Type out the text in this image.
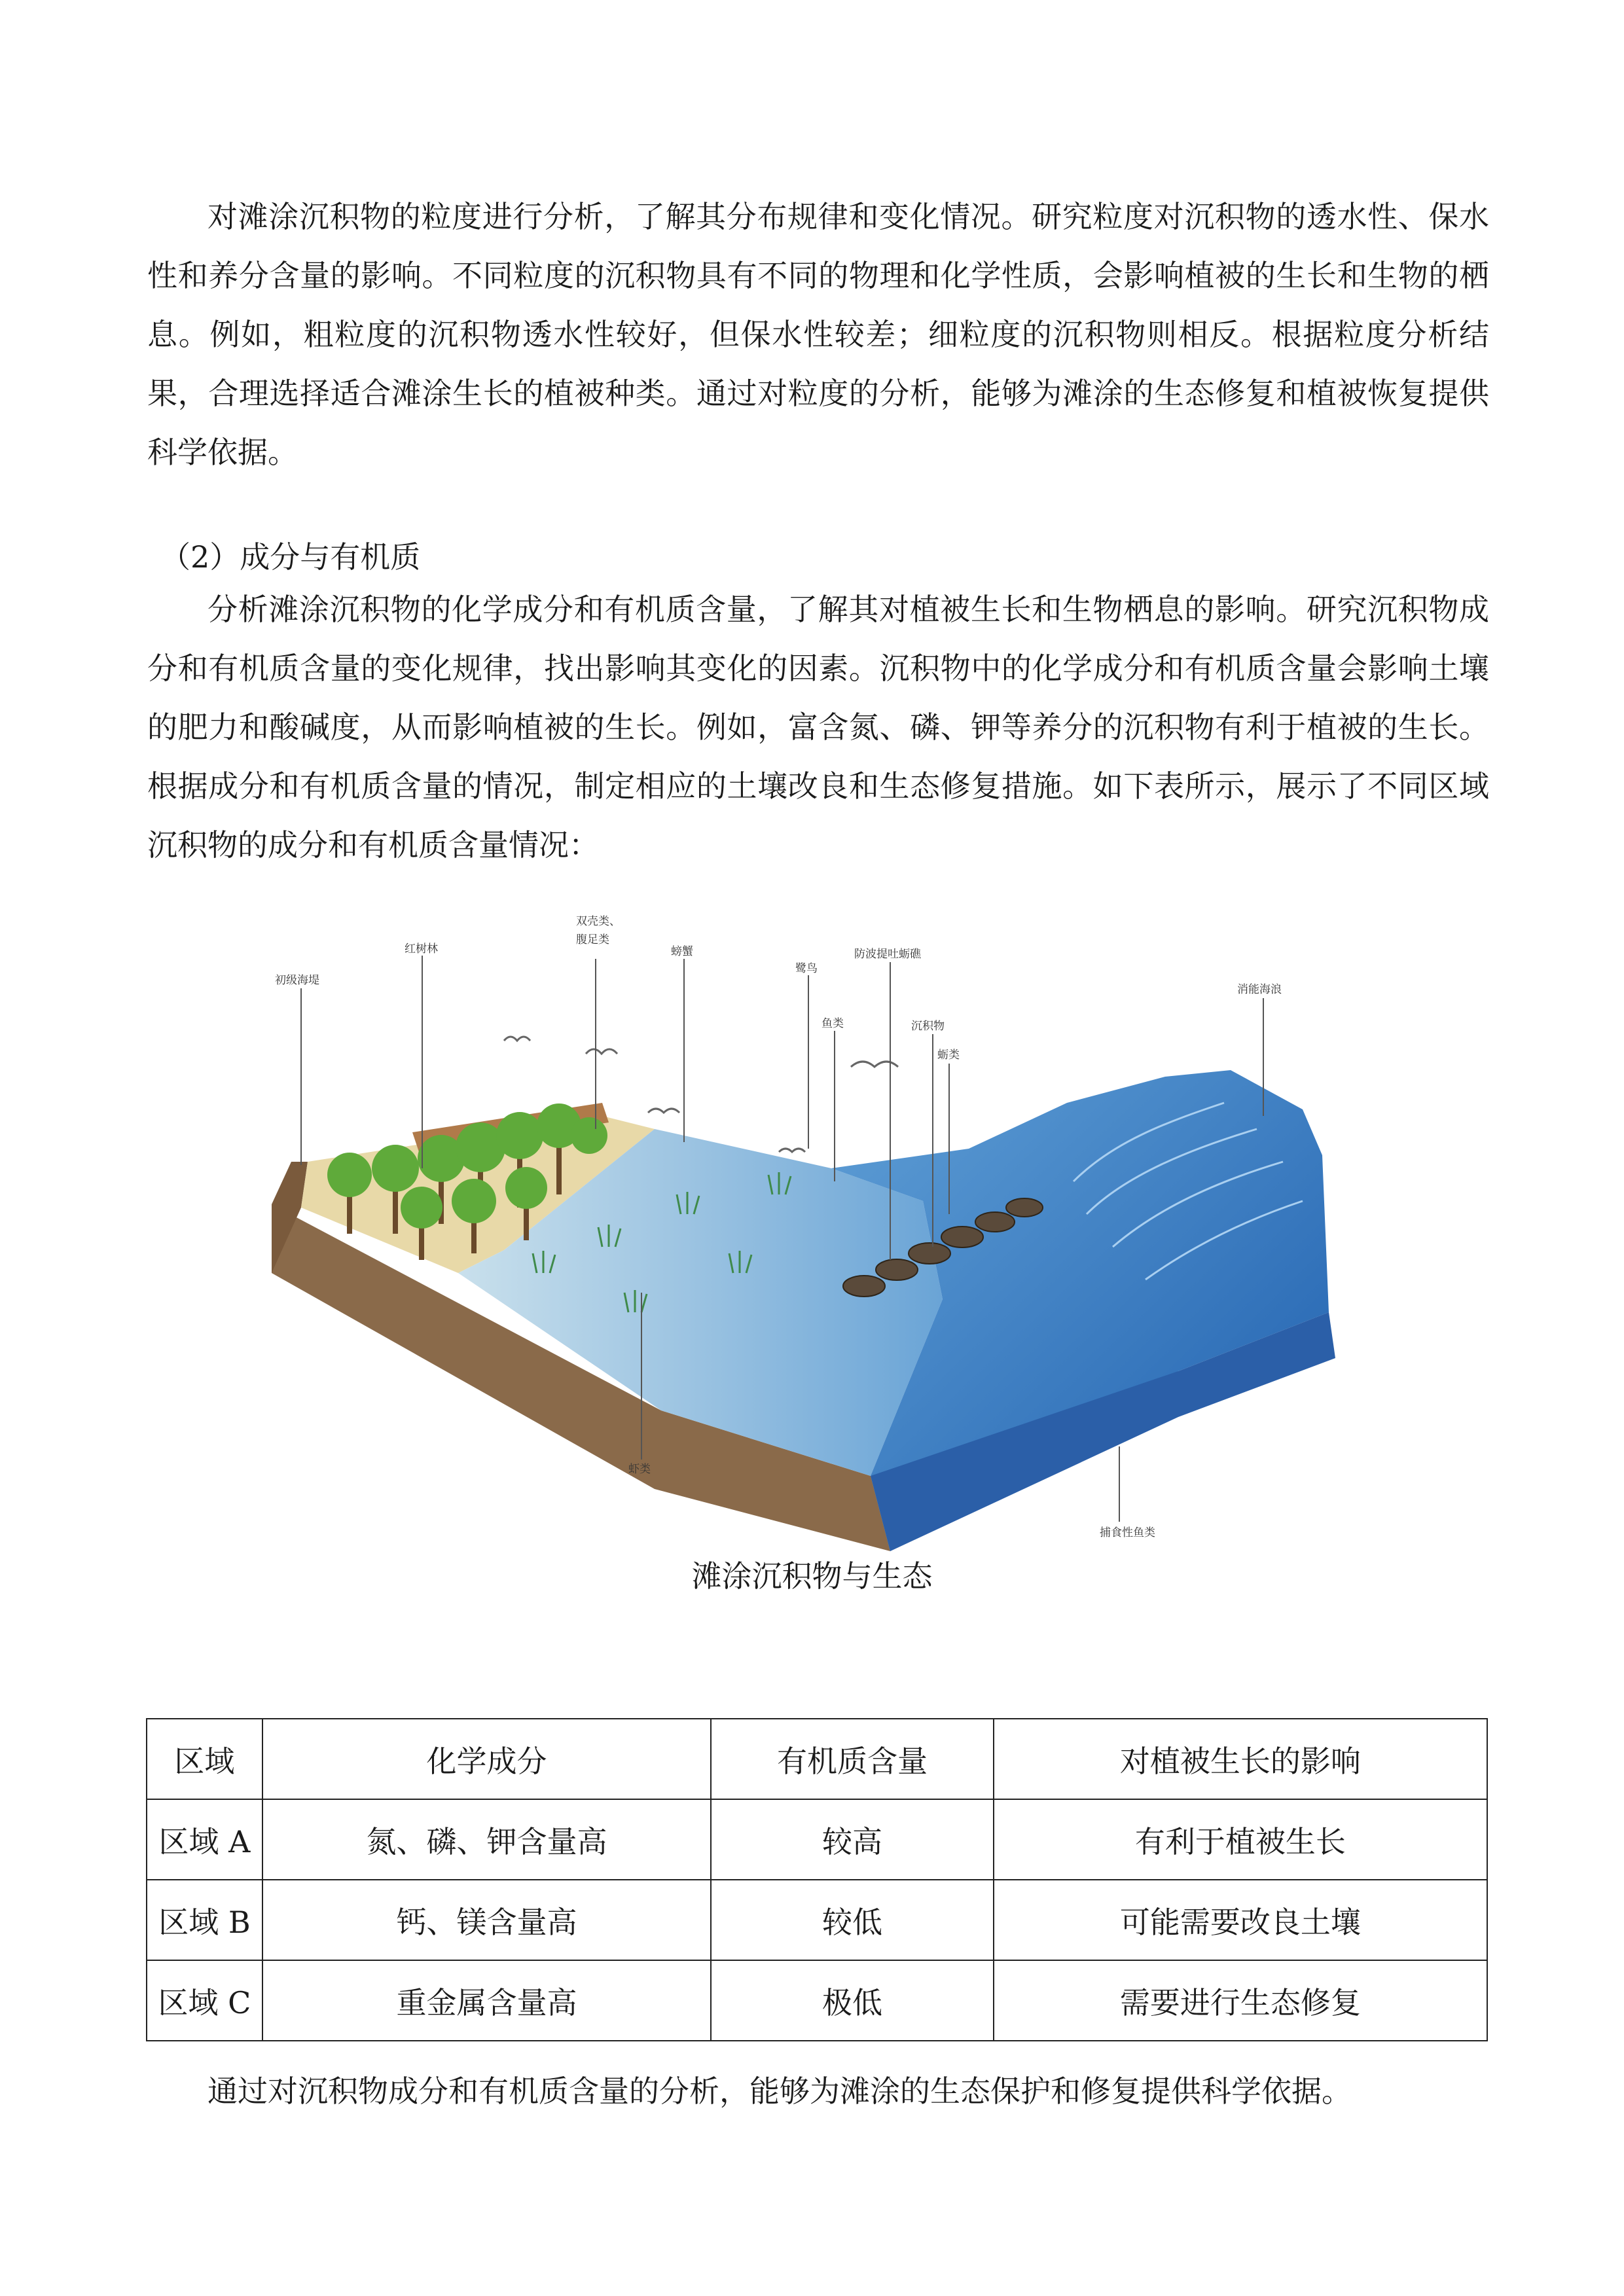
对滩涂沉积物的粒度进行分析，了解其分布规律和变化情况。研究粒度对沉积物的透水性、保水性和养分含量的影响。不同粒度的沉积物具有不同的物理和化学性质，会影响植被的生长和生物的栖息。例如，粗粒度的沉积物透水性较好，但保水性较差；细粒度的沉积物则相反。根据粒度分析结果，合理选择适合滩涂生长的植被种类。通过对粒度的分析，能够为滩涂的生态修复和植被恢复提供科学依据。

（2）成分与有机质

分析滩涂沉积物的化学成分和有机质含量，了解其对植被生长和生物栖息的影响。研究沉积物成分和有机质含量的变化规律，找出影响其变化的因素。沉积物中的化学成分和有机质含量会影响土壤的肥力和酸碱度，从而影响植被的生长。例如，富含氮、磷、钾等养分的沉积物有利于植被的生长。根据成分和有机质含量的情况，制定相应的土壤改良和生态修复措施。如下表所示，展示了不同区域沉积物的成分和有机质含量情况：

初级海堤
红树林
双壳类、
腹足类
螃蟹
鹭鸟
防波提吐蛎礁
鱼类	沉积物
蛎类
消能海浪
虾类
捕食性鱼类
滩涂沉积物与生态
区域	化学成分	有机质含量	对植被生长的影响
区域 A	氮、磷、钾含量高	较高	有利于植被生长
区域 B	钙、镁含量高	较低	可能需要改良土壤
区域 C	重金属含量高	极低	需要进行生态修复

通过对沉积物成分和有机质含量的分析，能够为滩涂的生态保护和修复提供科学依据。
